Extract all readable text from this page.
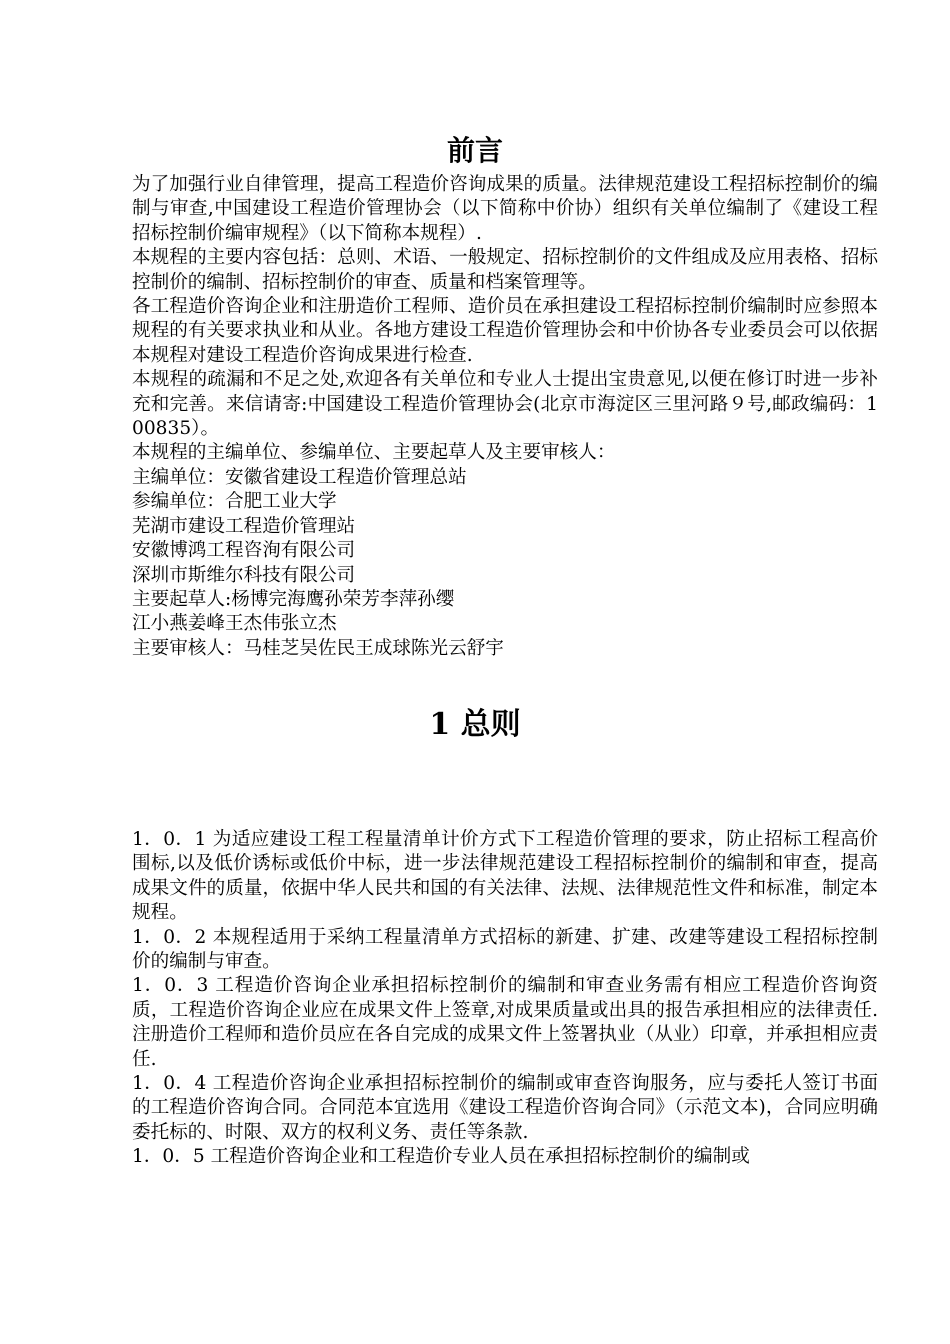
前言

为了加强行业自律管理，提高工程造价咨询成果的质量。法律规范建设工程招标控制价的编制与审查,中国建设工程造价管理协会（以下简称中价协）组织有关单位编制了《建设工程招标控制价编审规程》（以下简称本规程）.

本规程的主要内容包括：总则、术语、一般规定、招标控制价的文件组成及应用表格、招标控制价的编制、招标控制价的审查、质量和档案管理等。

各工程造价咨询企业和注册造价工程师、造价员在承担建设工程招标控制价编制时应参照本规程的有关要求执业和从业。各地方建设工程造价管理协会和中价协各专业委员会可以依据本规程对建设工程造价咨询成果进行检查.

本规程的疏漏和不足之处,欢迎各有关单位和专业人士提出宝贵意见,以便在修订时进一步补充和完善。来信请寄:中国建设工程造价管理协会(北京市海淀区三里河路９号,邮政编码：100835）。

本规程的主编单位、参编单位、主要起草人及主要审核人：

主编单位：安徽省建设工程造价管理总站

参编单位：合肥工业大学

芜湖市建设工程造价管理站

安徽博鸿工程咨洵有限公司

深圳市斯维尔科技有限公司

主要起草人:杨博完海鹰孙荣芳李萍孙缨

江小燕姜峰王杰伟张立杰

主要审核人：马桂芝吴佐民王成球陈光云舒宇

1 总则

1．0．1 为适应建设工程工程量清单计价方式下工程造价管理的要求，防止招标工程高价围标,以及低价诱标或低价中标，进一步法律规范建设工程招标控制价的编制和审查，提高成果文件的质量，依据中华人民共和国的有关法律、法规、法律规范性文件和标准，制定本规程。

1．0．2 本规程适用于采纳工程量清单方式招标的新建、扩建、改建等建设工程招标控制价的编制与审查。

1．0．3 工程造价咨询企业承担招标控制价的编制和审查业务需有相应工程造价咨询资质，工程造价咨询企业应在成果文件上签章,对成果质量或出具的报告承担相应的法律责任.注册造价工程师和造价员应在各自完成的成果文件上签署执业（从业）印章，并承担相应责任.

1．0．4 工程造价咨询企业承担招标控制价的编制或审查咨询服务，应与委托人签订书面的工程造价咨询合同。合同范本宜选用《建设工程造价咨询合同》（示范文本)，合同应明确委托标的、时限、双方的权利义务、责任等条款.

1．0．5 工程造价咨询企业和工程造价专业人员在承担招标控制价的编制或
